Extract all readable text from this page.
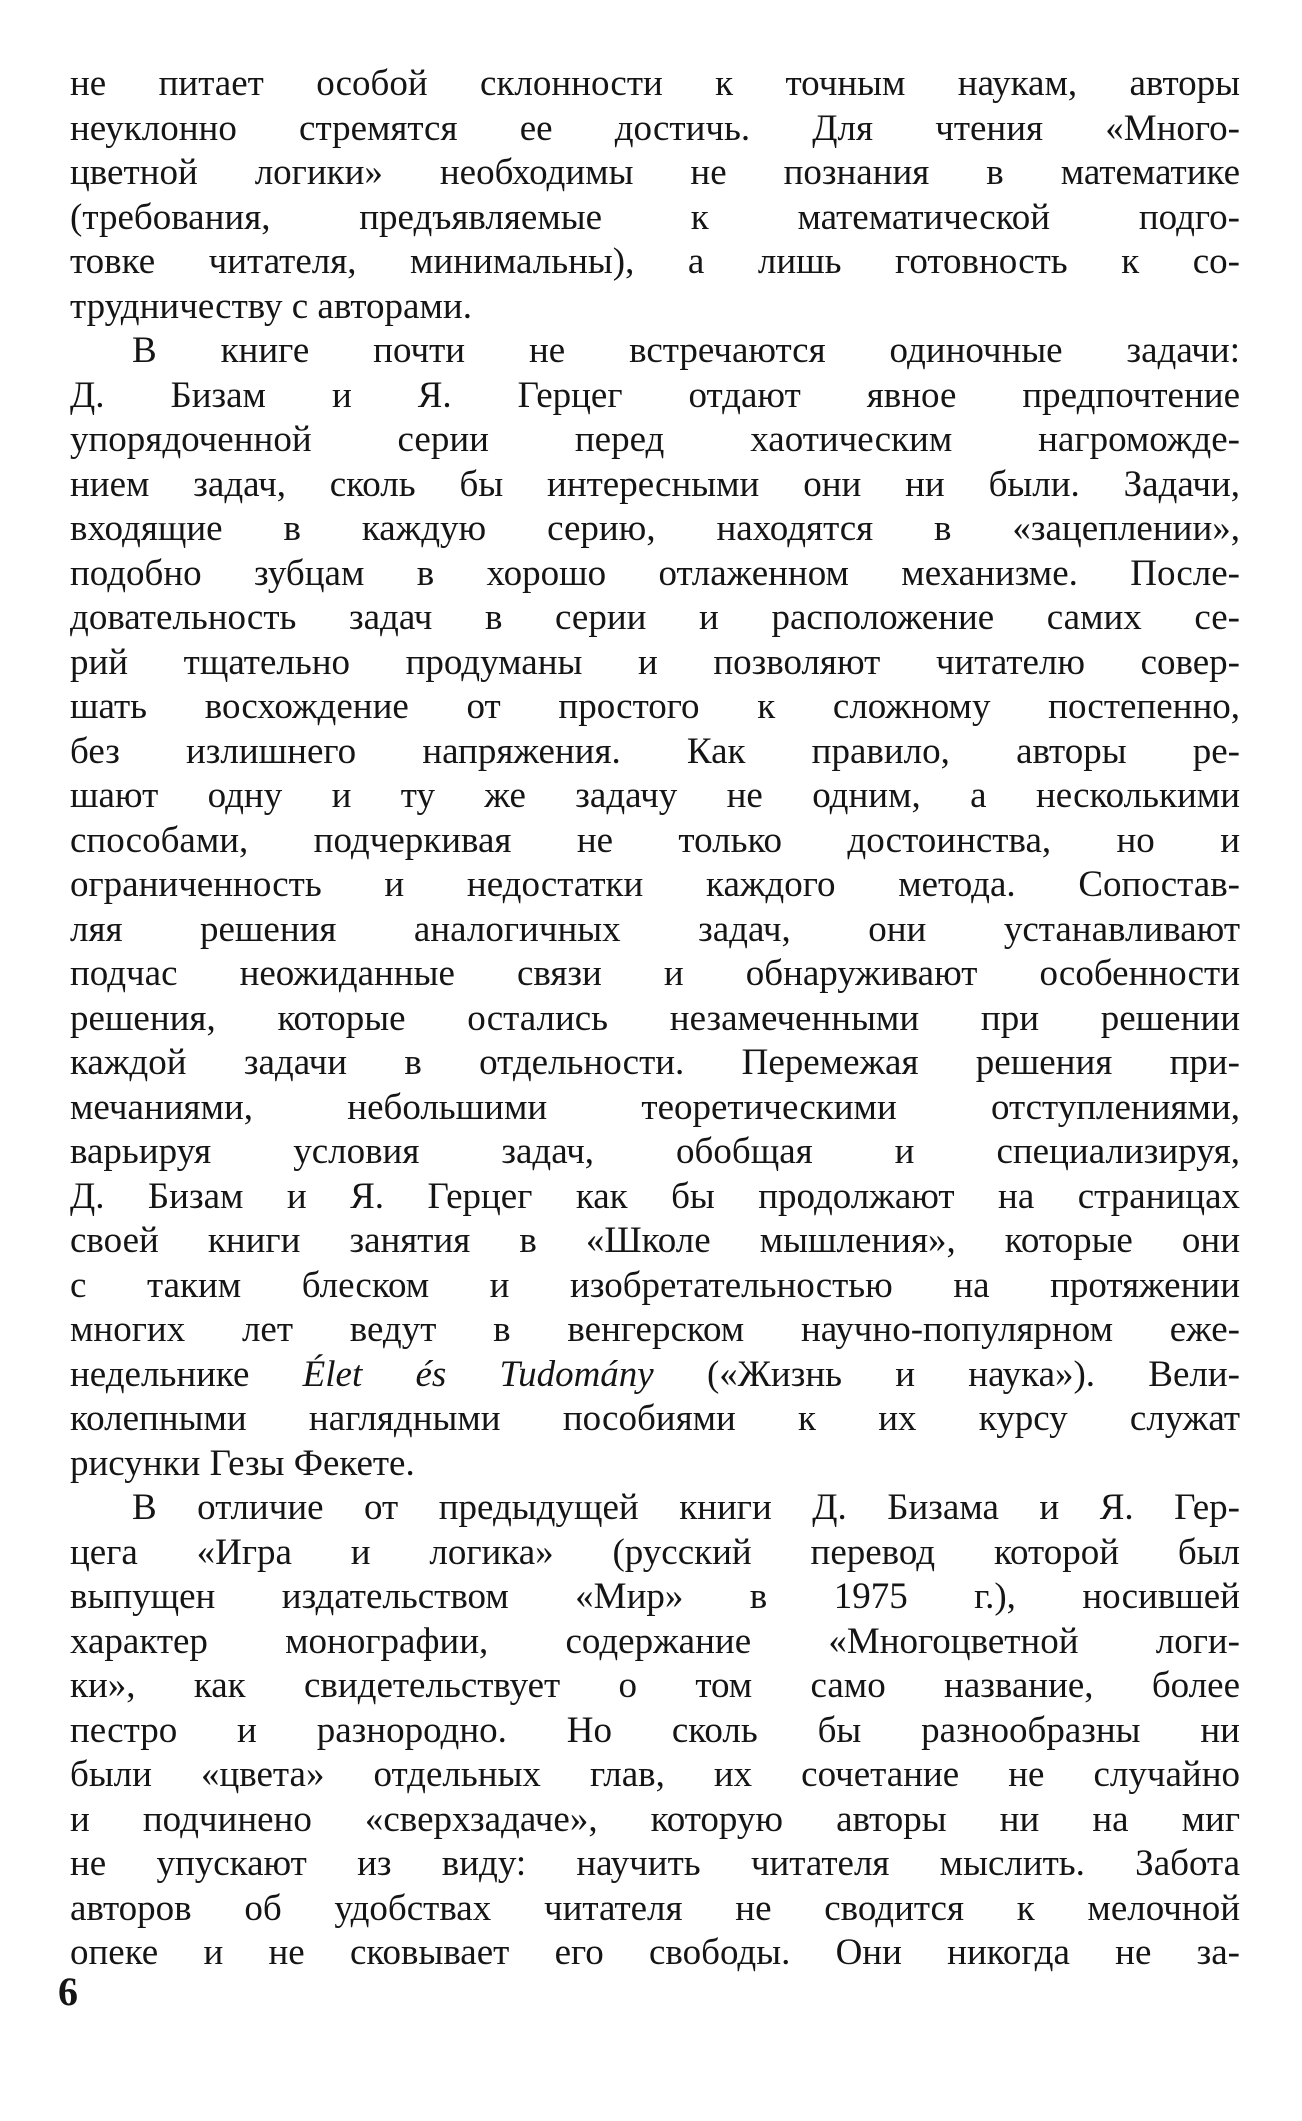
не питает особой склонности к точным наукам, авторы
неуклонно стремятся ее достичь. Для чтения «Много-
цветной логики» необходимы не познания в математике
(требования, предъявляемые к математической подго-
товке читателя, минимальны), а лишь готовность к со-
трудничеству с авторами.
В книге почти не встречаются одиночные задачи:
Д. Бизам и Я. Герцег отдают явное предпочтение
упорядоченной серии перед хаотическим нагроможде-
нием задач, сколь бы интересными они ни были. Задачи,
входящие в каждую серию, находятся в «зацеплении»,
подобно зубцам в хорошо отлаженном механизме. После-
довательность задач в серии и расположение самих се-
рий тщательно продуманы и позволяют читателю совер-
шать восхождение от простого к сложному постепенно,
без излишнего напряжения. Как правило, авторы ре-
шают одну и ту же задачу не одним, а несколькими
способами, подчеркивая не только достоинства, но и
ограниченность и недостатки каждого метода. Сопостав-
ляя решения аналогичных задач, они устанавливают
подчас неожиданные связи и обнаруживают особенности
решения, которые остались незамеченными при решении
каждой задачи в отдельности. Перемежая решения при-
мечаниями, небольшими теоретическими отступлениями,
варьируя условия задач, обобщая и специализируя,
Д. Бизам и Я. Герцег как бы продолжают на страницах
своей книги занятия в «Школе мышления», которые они
с таким блеском и изобретательностью на протяжении
многих лет ведут в венгерском научно-популярном еже-
недельнике Élet és Tudomány («Жизнь и наука»). Вели-
колепными наглядными пособиями к их курсу служат
рисунки Гезы Фекете.
В отличие от предыдущей книги Д. Бизама и Я. Гер-
цега «Игра и логика» (русский перевод которой был
выпущен издательством «Мир» в 1975 г.), носившей
характер монографии, содержание «Многоцветной логи-
ки», как свидетельствует о том само название, более
пестро и разнородно. Но сколь бы разнообразны ни
были «цвета» отдельных глав, их сочетание не случайно
и подчинено «сверхзадаче», которую авторы ни на миг
не упускают из виду: научить читателя мыслить. Забота
авторов об удобствах читателя не сводится к мелочной
опеке и не сковывает его свободы. Они никогда не за-
6
